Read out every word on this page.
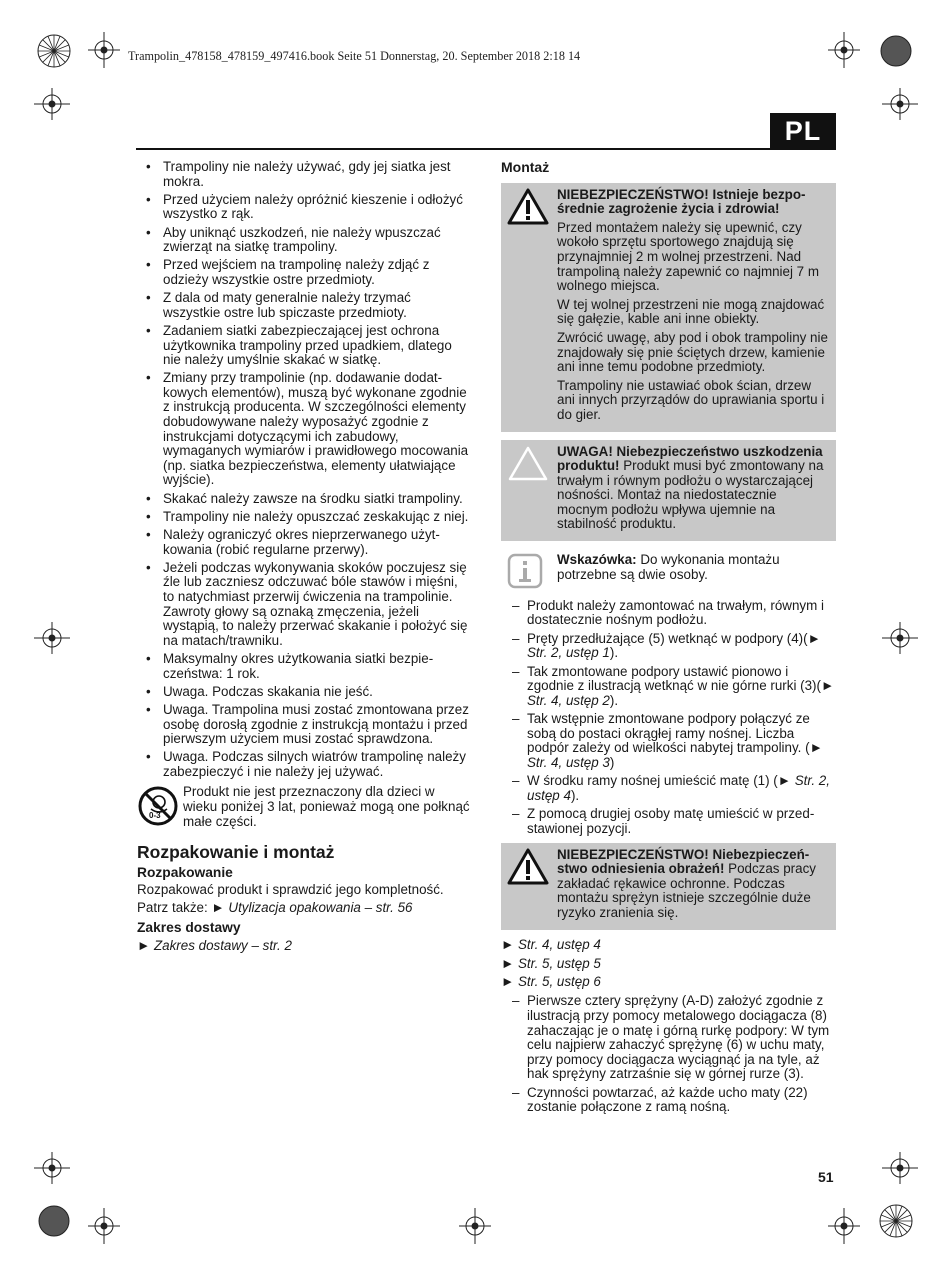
Trampolin_478158_478159_497416.book Seite 51 Donnerstag, 20. September 2018 2:18 14
PL
• Trampoliny nie należy używać, gdy jej siatka jest mokra.
• Przed użyciem należy opróżnić kieszenie i odłożyć wszystko z rąk.
• Aby uniknąć uszkodzeń, nie należy wpuszczać zwierząt na siatkę trampoliny.
• Przed wejściem na trampolinę należy zdjąć z odzieży wszystkie ostre przedmioty.
• Z dala od maty generalnie należy trzymać wszystkie ostre lub spiczaste przedmioty.
• Zadaniem siatki zabezpieczającej jest ochrona użytkownika trampoliny przed upadkiem, dlatego nie należy umyślnie skakać w siatkę.
• Zmiany przy trampolinie (np. dodawanie dodatkowych elementów), muszą być wykonane zgodnie z instrukcją producenta. W szczególności elementy dobudowywane należy wyposażyć zgodnie z instrukcjami dotyczącymi ich zabudowy, wymaganych wymiarów i prawidłowego mocowania (np. siatka bezpieczeństwa, elementy ułatwiające wyjście).
• Skakać należy zawsze na środku siatki trampoliny.
• Trampoliny nie należy opuszczać zeskakując z niej.
• Należy ograniczyć okres nieprzerwanego użytkowania (robić regularne przerwy).
• Jeżeli podczas wykonywania skoków poczujesz się źle lub zaczniesz odczuwać bóle stawów i mięśni, to natychmiast przerwij ćwiczenia na trampolinie. Zawroty głowy są oznaką zmęczenia, jeżeli wystąpią, to należy przerwać skakanie i położyć się na matach/trawniku.
• Maksymalny okres użytkowania siatki bezpieczeństwa: 1 rok.
• Uwaga. Podczas skakania nie jeść.
• Uwaga. Trampolina musi zostać zmontowana przez osobę dorosłą zgodnie z instrukcją montażu i przed pierwszym użyciem musi zostać sprawdzona.
• Uwaga. Podczas silnych wiatrów trampolinę należy zabezpieczyć i nie należy jej używać.
0-3
Produkt nie jest przeznaczony dla dzieci w wieku poniżej 3 lat, ponieważ mogą one połknąć małe części.
Rozpakowanie i montaż
Rozpakowanie

Rozpakować produkt i sprawdzić jego kompletność.

Patrz także: ► Utylizacja opakowania – str. 56

Zakres dostawy

► Zakres dostawy – str. 2

Montaż

NIEBEZPIECZEŃSTWO! Istnieje bezpośrednie zagrożenie życia i zdrowia!

Przed montażem należy się upewnić, czy wokoło sprzętu sportowego znajdują się przynajmniej 2 m wolnej przestrzeni. Nad trampoliną należy zapewnić co najmniej 7 m wolnego miejsca.

W tej wolnej przestrzeni nie mogą znajdować się gałęzie, kable ani inne obiekty.

Zwrócić uwagę, aby pod i obok trampoliny nie znajdowały się pnie ściętych drzew, kamienie ani inne temu podobne przedmioty.

Trampoliny nie ustawiać obok ścian, drzew ani innych przyrządów do uprawiania sportu i do gier.

UWAGA! Niebezpieczeństwo uszkodzenia produktu! Produkt musi być zmontowany na trwałym i równym podłożu o wystarczającej nośności. Montaż na niedostatecznie mocnym podłożu wpływa ujemnie na stabilność produktu.

Wskazówka: Do wykonania montażu potrzebne są dwie osoby.
– Produkt należy zamontować na trwałym, równym i dostatecznie nośnym podłożu.
– Pręty przedłużające (5) wetknąć w podpory (4)(► Str. 2, ustęp 1).
– Tak zmontowane podpory ustawić pionowo i zgodnie z ilustracją wetknąć w nie górne rurki (3)(► Str. 4, ustęp 2).
– Tak wstępnie zmontowane podpory połączyć ze sobą do postaci okrągłej ramy nośnej. Liczba podpór zależy od wielkości nabytej trampoliny. (► Str. 4, ustęp 3)
– W środku ramy nośnej umieścić matę (1) (► Str. 2, ustęp 4).
– Z pomocą drugiej osoby matę umieścić w przedstawionej pozycji.

NIEBEZPIECZEŃSTWO! Niebezpieczeństwo odniesienia obrażeń! Podczas pracy zakładać rękawice ochronne. Podczas montażu sprężyn istnieje szczególnie duże ryzyko zranienia się.

► Str. 4, ustęp 4
► Str. 5, ustęp 5
► Str. 5, ustęp 6
– Pierwsze cztery sprężyny (A-D) założyć zgodnie z ilustracją przy pomocy metalowego dociągacza (8) zahaczając je o matę i górną rurkę podpory: W tym celu najpierw zahaczyć sprężynę (6) w uchu maty, przy pomocy dociągacza wyciągnąć ja na tyle, aż hak sprężyny zatrzaśnie się w górnej rurze (3).
– Czynności powtarzać, aż każde ucho maty (22) zostanie połączone z ramą nośną.
51
